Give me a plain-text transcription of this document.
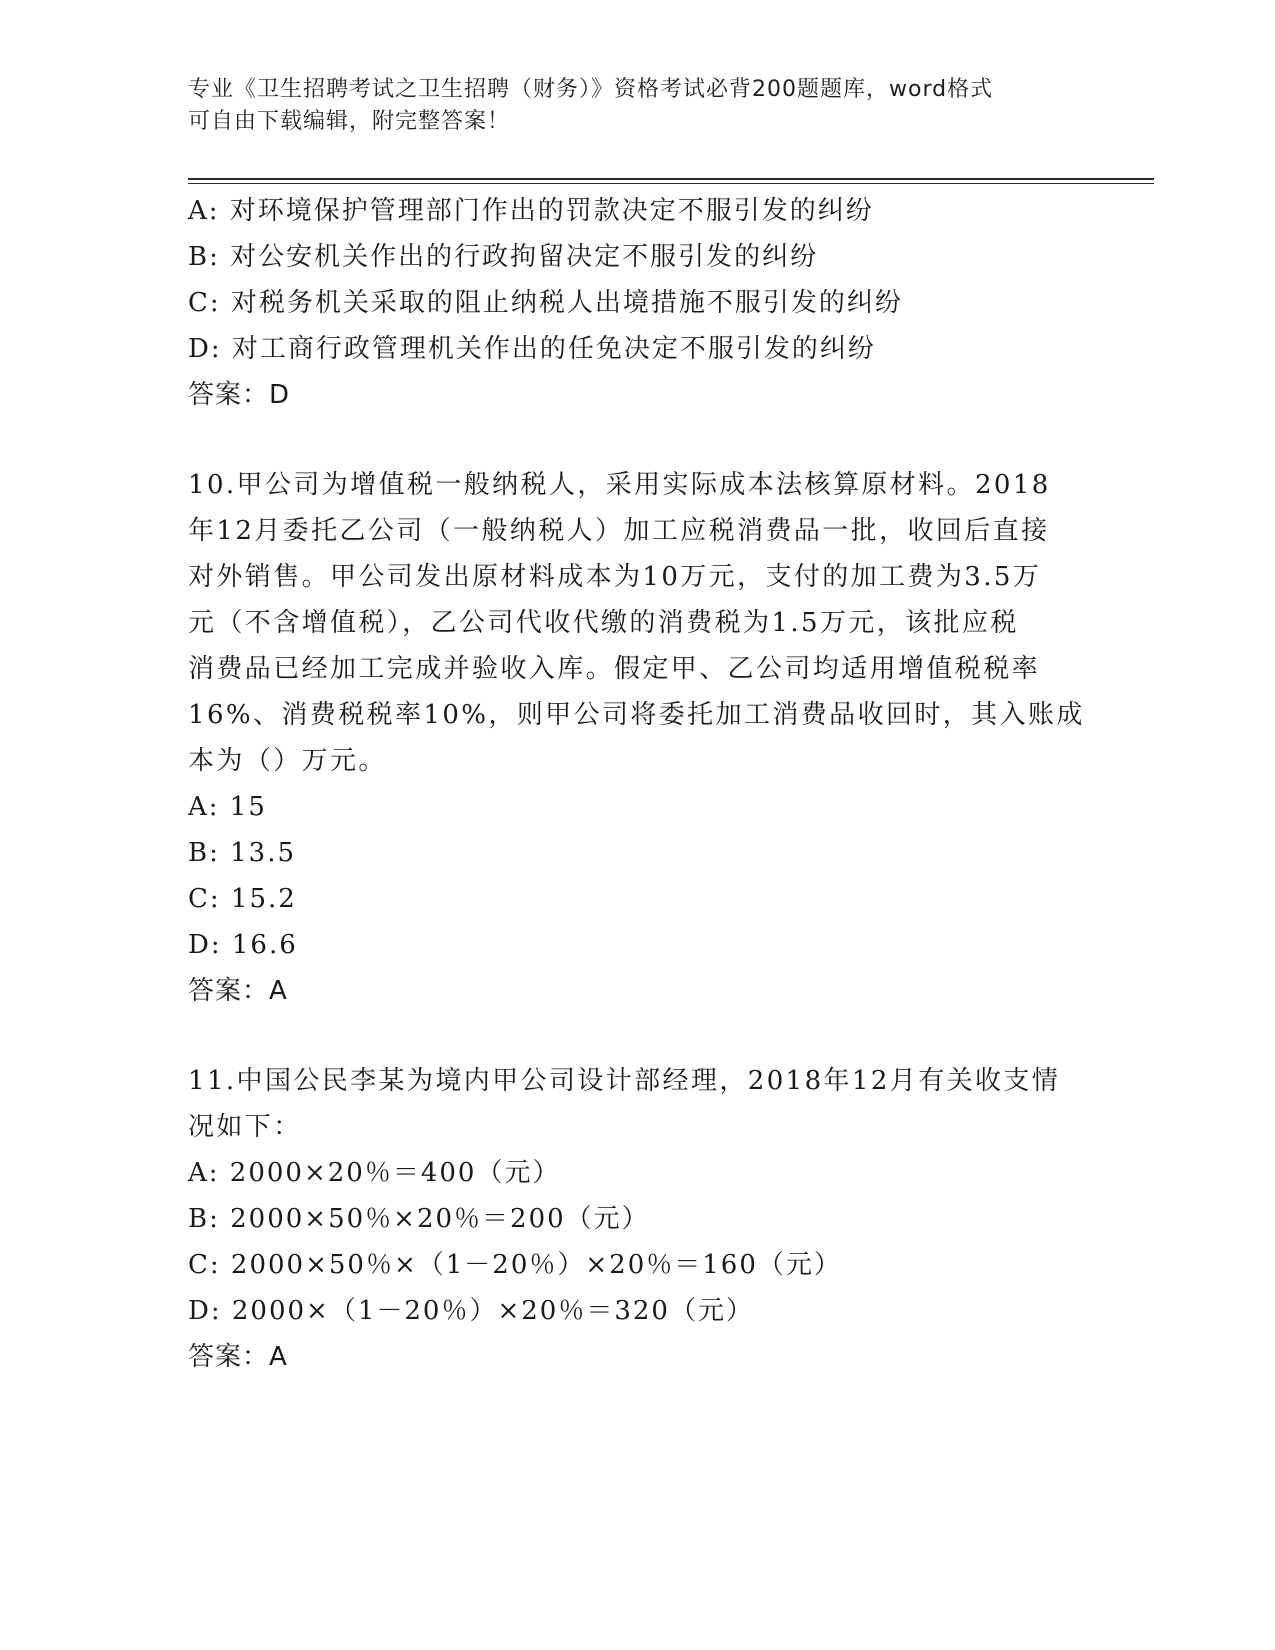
专业《卫生招聘考试之卫生招聘（财务）》资格考试必背200题题库，word格式
可自由下载编辑，附完整答案！
A: 对环境保护管理部门作出的罚款决定不服引发的纠纷
B: 对公安机关作出的行政拘留决定不服引发的纠纷
C: 对税务机关采取的阻止纳税人出境措施不服引发的纠纷
D: 对工商行政管理机关作出的任免决定不服引发的纠纷
答案：D
10.甲公司为增值税一般纳税人，采用实际成本法核算原材料。2018
年12月委托乙公司（一般纳税人）加工应税消费品一批，收回后直接
对外销售。甲公司发出原材料成本为10万元，支付的加工费为3.5万
元（不含增值税），乙公司代收代缴的消费税为1.5万元，该批应税
消费品已经加工完成并验收入库。假定甲、乙公司均适用增值税税率
16%、消费税税率10%，则甲公司将委托加工消费品收回时，其入账成
本为（）万元。
A: 15
B: 13.5
C: 15.2
D: 16.6
答案：A
11.中国公民李某为境内甲公司设计部经理，2018年12月有关收支情
况如下：
A: 2000×20％＝400（元）
B: 2000×50％×20％＝200（元）
C: 2000×50％×（1－20％）×20％＝160（元）
D: 2000×（1－20％）×20％＝320（元）
答案：A
